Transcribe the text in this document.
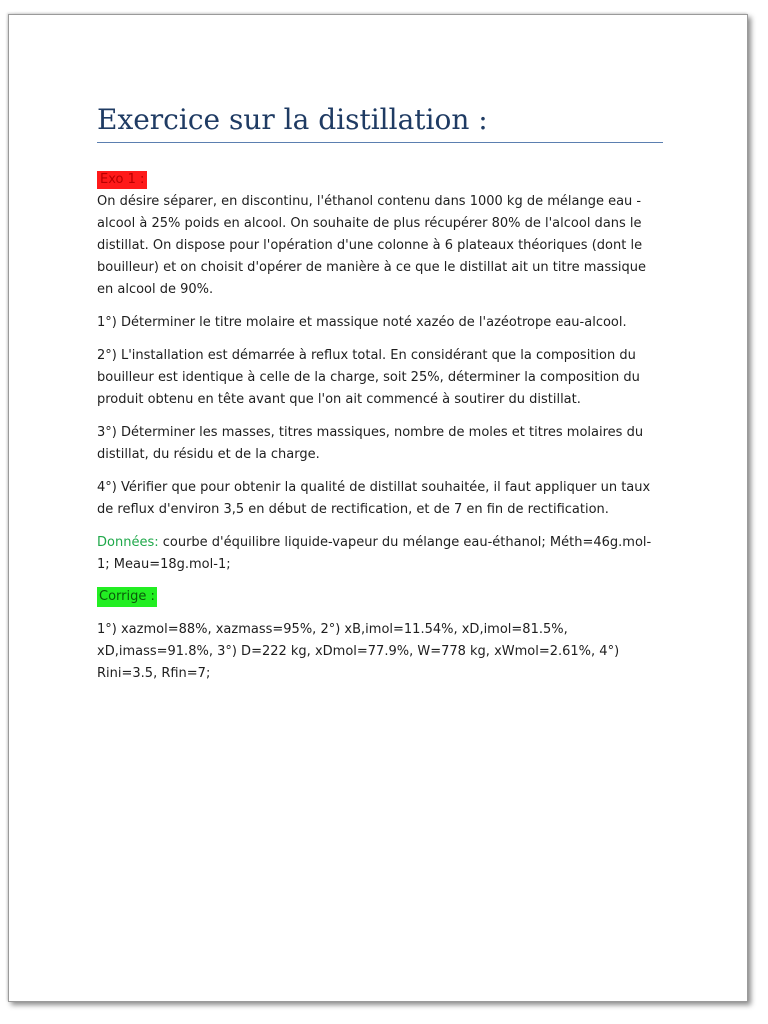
Exercice sur la distillation :
Exo 1 :

On désire séparer, en discontinu, l'éthanol contenu dans 1000 kg de mélange eau - alcool à 25% poids en alcool. On souhaite de plus récupérer 80% de l'alcool dans le distillat. On dispose pour l'opération d'une colonne à 6 plateaux théoriques (dont le bouilleur) et on choisit d'opérer de manière à ce que le distillat ait un titre massique en alcool de 90%.

1°) Déterminer le titre molaire et massique noté xazéo de l'azéotrope eau-alcool.

2°) L'installation est démarrée à reflux total. En considérant que la composition du bouilleur est identique à celle de la charge, soit 25%, déterminer la composition du produit obtenu en tête avant que l'on ait commencé à soutirer du distillat.

3°) Déterminer les masses, titres massiques, nombre de moles et titres molaires du distillat, du résidu et de la charge.

4°) Vérifier que pour obtenir la qualité de distillat souhaitée, il faut appliquer un taux de reflux d'environ 3,5 en début de rectification, et de 7 en fin de rectification.

Données: courbe d'équilibre liquide-vapeur du mélange eau-éthanol; Méth=46g.mol-1; Meau=18g.mol-1;

Corrige :

1°) xazmol=88%, xazmass=95%, 2°) xB,imol=11.54%, xD,imol=81.5%, xD,imass=91.8%, 3°) D=222 kg, xDmol=77.9%, W=778 kg, xWmol=2.61%, 4°) Rini=3.5, Rfin=7;
